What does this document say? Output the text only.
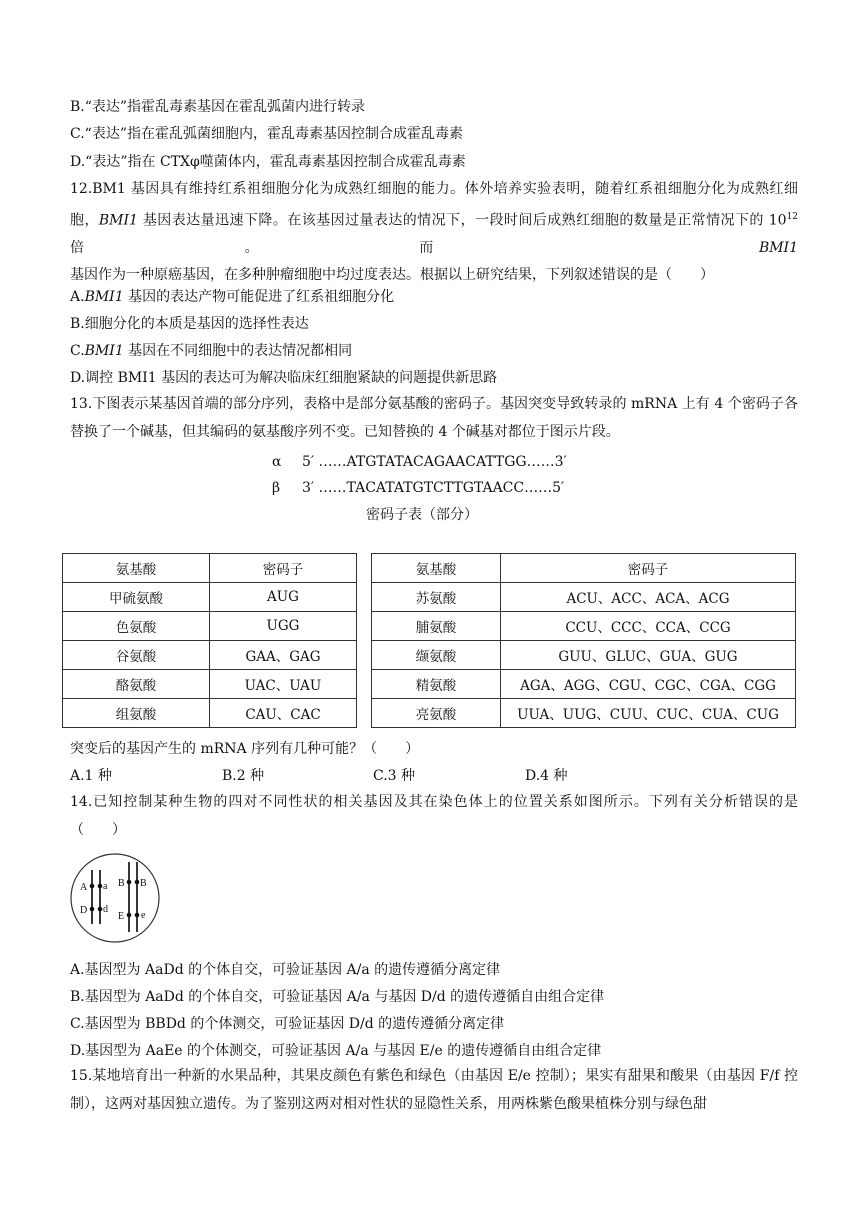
B.“表达”指霍乱毒素基因在霍乱弧菌内进行转录
C.“表达”指在霍乱弧菌细胞内，霍乱毒素基因控制合成霍乱毒素
D.“表达”指在 CTXφ噬菌体内，霍乱毒素基因控制合成霍乱毒素
12.BM1 基因具有维持红系祖细胞分化为成熟红细胞的能力。体外培养实验表明，随着红系祖细胞分化为成熟红细胞，BMI1 基因表达量迅速下降。在该基因过量表达的情况下，一段时间后成熟红细胞的数量是正常情况下的 $10^{12}$ 倍。而 BMI1 基因作为一种原癌基因，在多种肿瘤细胞中均过度表达。根据以上研究结果，下列叙述错误的是（　　）
A.BMI1 基因的表达产物可能促进了红系祖细胞分化
B.细胞分化的本质是基因的选择性表达
C.BMI1 基因在不同细胞中的表达情况都相同
D.调控 BMI1 基因的表达可为解决临床红细胞紧缺的问题提供新思路
13.下图表示某基因首端的部分序列，表格中是部分氨基酸的密码子。基因突变导致转录的 mRNA 上有 4 个密码子各替换了一个碱基，但其编码的氨基酸序列不变。已知替换的 4 个碱基对都位于图示片段。
α 5′ ……ATGTATACAGAACATTGG……3′
β 3′ ……TACATATGTCTTGTAACC……5′
密码子表（部分）
氨基酸	密码子		氨基酸	密码子
甲硫氨酸	AUG		苏氨酸	ACU、ACC、ACA、ACG
色氨酸	UGG		脯氨酸	CCU、CCC、CCA、CCG
谷氨酸	GAA、GAG		缬氨酸	GUU、GLUC、GUA、GUG
酪氨酸	UAC、UAU		精氨酸	AGA、AGG、CGU、CGC、CGA、CGG
组氨酸	CAU、CAC		亮氨酸	UUA、UUG、CUU、CUC、CUA、CUG
突变后的基因产生的 mRNA 序列有几种可能？（　　）
A.1 种	B.2 种	C.3 种	D.4 种
14.已知控制某种生物的四对不同性状的相关基因及其在染色体上的位置关系如图所示。下列有关分析错误的是（　　）
A a
D d
B B
E e
A.基因型为 AaDd 的个体自交，可验证基因 A/a 的遗传遵循分离定律
B.基因型为 AaDd 的个体自交，可验证基因 A/a 与基因 D/d 的遗传遵循自由组合定律
C.基因型为 BBDd 的个体测交，可验证基因 D/d 的遗传遵循分离定律
D.基因型为 AaEe 的个体测交，可验证基因 A/a 与基因 E/e 的遗传遵循自由组合定律
15.某地培育出一种新的水果品种，其果皮颜色有紫色和绿色（由基因 E/e 控制）；果实有甜果和酸果（由基因 F/f 控制），这两对基因独立遗传。为了鉴别这两对相对性状的显隐性关系，用两株紫色酸果植株分别与绿色甜
